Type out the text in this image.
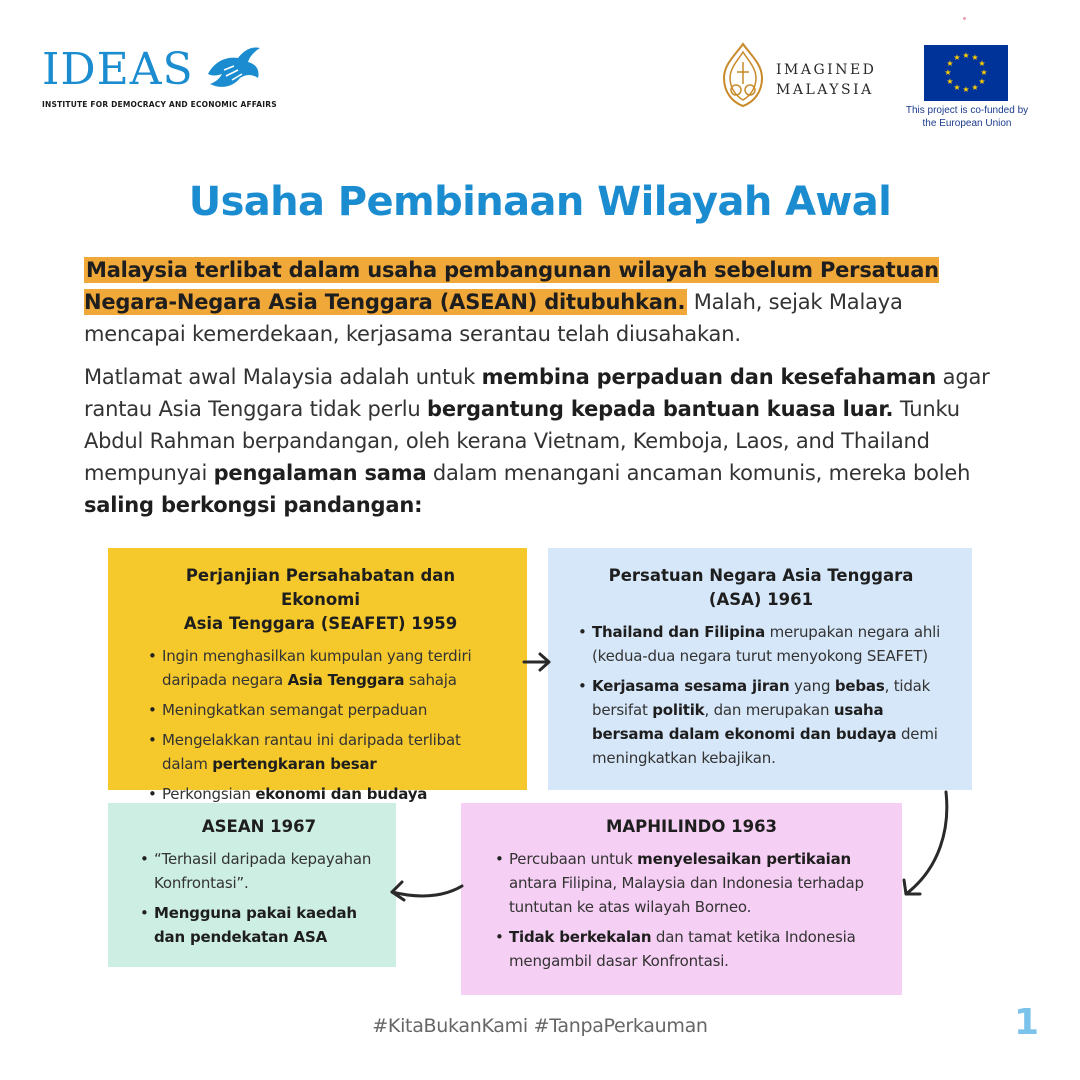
IDEAS
INSTITUTE FOR DEMOCRACY AND ECONOMIC AFFAIRS
IMAGINED
MALAYSIA
★ ★
★
★
★
★
★
★
★
★
★
★
This project is co-funded by
the European Union
Usaha Pembinaan Wilayah Awal
Malaysia terlibat dalam usaha pembangunan wilayah sebelum Persatuan Negara-Negara Asia Tenggara (ASEAN) ditubuhkan. Malah, sejak Malaya mencapai kemerdekaan, kerjasama serantau telah diusahakan.
Matlamat awal Malaysia adalah untuk membina perpaduan dan kesefahaman agar rantau Asia Tenggara tidak perlu bergantung kepada bantuan kuasa luar. Tunku Abdul Rahman berpandangan, oleh kerana Vietnam, Kemboja, Laos, and Thailand mempunyai pengalaman sama dalam menangani ancaman komunis, mereka boleh saling berkongsi pandangan:
Perjanjian Persahabatan dan Ekonomi
Asia Tenggara (SEAFET) 1959
• Ingin menghasilkan kumpulan yang terdiri daripada negara Asia Tenggara sahaja
• Meningkatkan semangat perpaduan
• Mengelakkan rantau ini daripada terlibat dalam pertengkaran besar
• Perkongsian ekonomi dan budaya
Persatuan Negara Asia Tenggara
(ASA) 1961
• Thailand dan Filipina merupakan negara ahli (kedua-dua negara turut menyokong SEAFET)
• Kerjasama sesama jiran yang bebas, tidak bersifat politik, dan merupakan usaha bersama dalam ekonomi dan budaya demi meningkatkan kebajikan.
ASEAN 1967
• “Terhasil daripada kepayahan Konfrontasi”.
• Mengguna pakai kaedah dan pendekatan ASA
MAPHILINDO 1963
• Percubaan untuk menyelesaikan pertikaian antara Filipina, Malaysia dan Indonesia terhadap tuntutan ke atas wilayah Borneo.
• Tidak berkekalan dan tamat ketika Indonesia mengambil dasar Konfrontasi.
#KitaBukanKami #TanpaPerkauman	1
